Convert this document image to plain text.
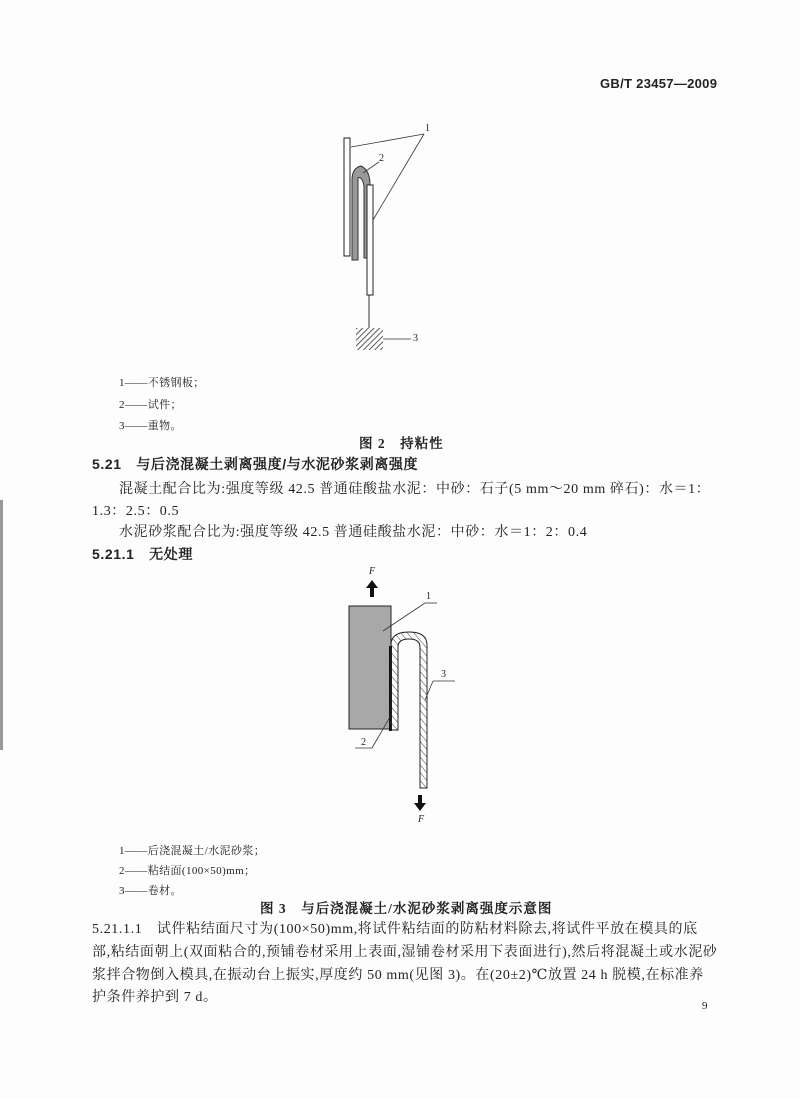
GB/T 23457—2009
1
2
3
1——不锈钢板；
2——试件；
3——重物。
图 2　持粘性
5.21　与后浇混凝土剥离强度/与水泥砂浆剥离强度
混凝土配合比为:强度等级 42.5 普通硅酸盐水泥：中砂：石子(5 mm～20 mm 碎石)：水＝1：
1.3：2.5：0.5
水泥砂浆配合比为:强度等级 42.5 普通硅酸盐水泥：中砂：水＝1：2：0.4
5.21.1　无处理
F
F
1
2
3
1——后浇混凝土/水泥砂浆；
2——粘结面(100×50)mm；
3——卷材。
图 3　与后浇混凝土/水泥砂浆剥离强度示意图
5.21.1.1　试件粘结面尺寸为(100×50)mm,将试件粘结面的防粘材料除去,将试件平放在模具的底
部,粘结面朝上(双面粘合的,预铺卷材采用上表面,湿铺卷材采用下表面进行),然后将混凝土或水泥砂
浆拌合物倒入模具,在振动台上振实,厚度约 50 mm(见图 3)。在(20±2)℃放置 24 h 脱模,在标准养
护条件养护到 7 d。
9
